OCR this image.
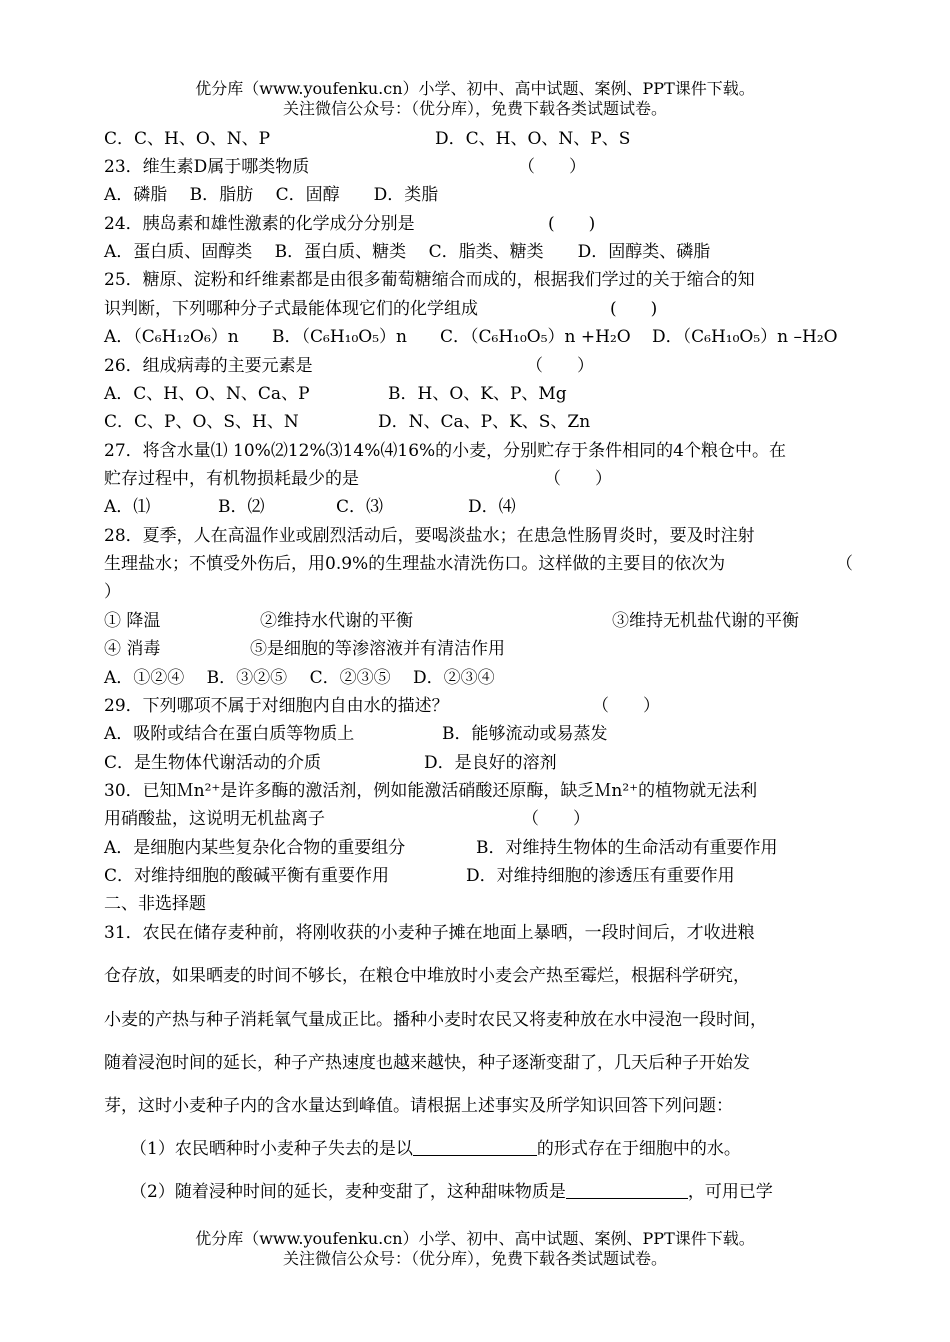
优分库（www.youfenku.cn）小学、初中、高中试题、案例、PPT课件下载。
关注微信公众号：（优分库），免费下载各类试题试卷。
C．C、H、O、N、P	D．C、H、O、N、P、S
23．维生素D属于哪类物质	（　　）
A．磷脂　 B．脂肪　 C．固醇　　D．类脂
24．胰岛素和雄性激素的化学成分分别是	(　　)
A．蛋白质、固醇类　 B．蛋白质、糖类　 C．脂类、糖类　　D．固醇类、磷脂
25．糖原、淀粉和纤维素都是由很多葡萄糖缩合而成的，根据我们学过的关于缩合的知
识判断，下列哪种分子式最能体现它们的化学组成	(　　)
A．（C₆H₁₂O₆）n B．（C₆H₁₀O₅）n C．（C₆H₁₀O₅）n +H₂O D．（C₆H₁₀O₅）n –H₂O
26．组成病毒的主要元素是	（　　）
A．C、H、O、N、Ca、P	B．H、O、K、P、Mg
C．C、P、O、S、H、N	D．N、Ca、P、K、S、Zn
27．将含水量⑴ 10%⑵12%⑶14%⑷16%的小麦，分别贮存于条件相同的4个粮仓中。在
贮存过程中，有机物损耗最少的是	（　　）
A．⑴	B．⑵	C．⑶	D．⑷
28．夏季，人在高温作业或剧烈活动后，要喝淡盐水；在患急性肠胃炎时，要及时注射
生理盐水；不慎受外伤后，用0.9%的生理盐水清洗伤口。这样做的主要目的依次为	（
）
① 降温	②维持水代谢的平衡	③维持无机盐代谢的平衡
④ 消毒	⑤是细胞的等渗溶液并有清洁作用
A．①②④　 B．③②⑤　 C．②③⑤　 D．②③④
29．下列哪项不属于对细胞内自由水的描述？	（　　）
A．吸附或结合在蛋白质等物质上	B．能够流动或易蒸发
C．是生物体代谢活动的介质	D．是良好的溶剂
30．已知Ｍn²⁺是许多酶的激活剂，例如能激活硝酸还原酶，缺乏Ｍn²⁺的植物就无法利
用硝酸盐，这说明无机盐离子	（　　）
A．是细胞内某些复杂化合物的重要组分	B．对维持生物体的生命活动有重要作用
C．对维持细胞的酸碱平衡有重要作用	D．对维持细胞的渗透压有重要作用
二、非选择题
31．农民在储存麦种前，将刚收获的小麦种子摊在地面上暴晒，一段时间后，才收进粮
仓存放，如果晒麦的时间不够长，在粮仓中堆放时小麦会产热至霉烂，根据科学研究，
小麦的产热与种子消耗氧气量成正比。播种小麦时农民又将麦种放在水中浸泡一段时间，
随着浸泡时间的延长，种子产热速度也越来越快，种子逐渐变甜了，几天后种子开始发
芽，这时小麦种子内的含水量达到峰值。请根据上述事实及所学知识回答下列问题：
（1）农民晒种时小麦种子失去的是以	的形式存在于细胞中的水。
（2）随着浸种时间的延长，麦种变甜了，这种甜味物质是	，可用已学
优分库（www.youfenku.cn）小学、初中、高中试题、案例、PPT课件下载。
关注微信公众号：（优分库），免费下载各类试题试卷。
